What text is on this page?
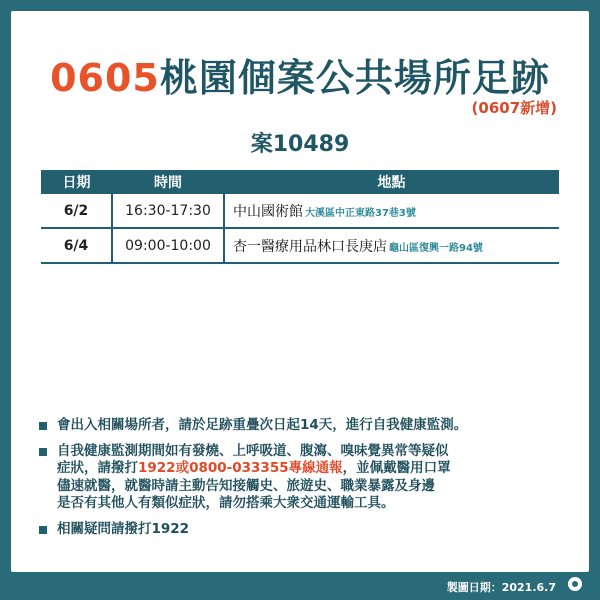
0605桃園個案公共場所足跡
(0607新增)
案10489
日期	時間	地點
6/2	16:30-17:30	中山國術館 大溪區中正東路37巷3號
6/4	09:00-10:00	杏一醫療用品林口長庚店 龜山區復興一路94號
會出入相關場所者，請於足跡重疊次日起14天，進行自我健康監測。
自我健康監測期間如有發燒、上呼吸道、腹瀉、嗅味覺異常等疑似
症狀，請撥打1922或0800-033355專線通報，並佩戴醫用口罩
儘速就醫，就醫時請主動告知接觸史、旅遊史、職業暴露及身邊
是否有其他人有類似症狀，請勿搭乘大衆交通運輸工具。
相關疑問請撥打1922
製圖日期：2021.6.7
